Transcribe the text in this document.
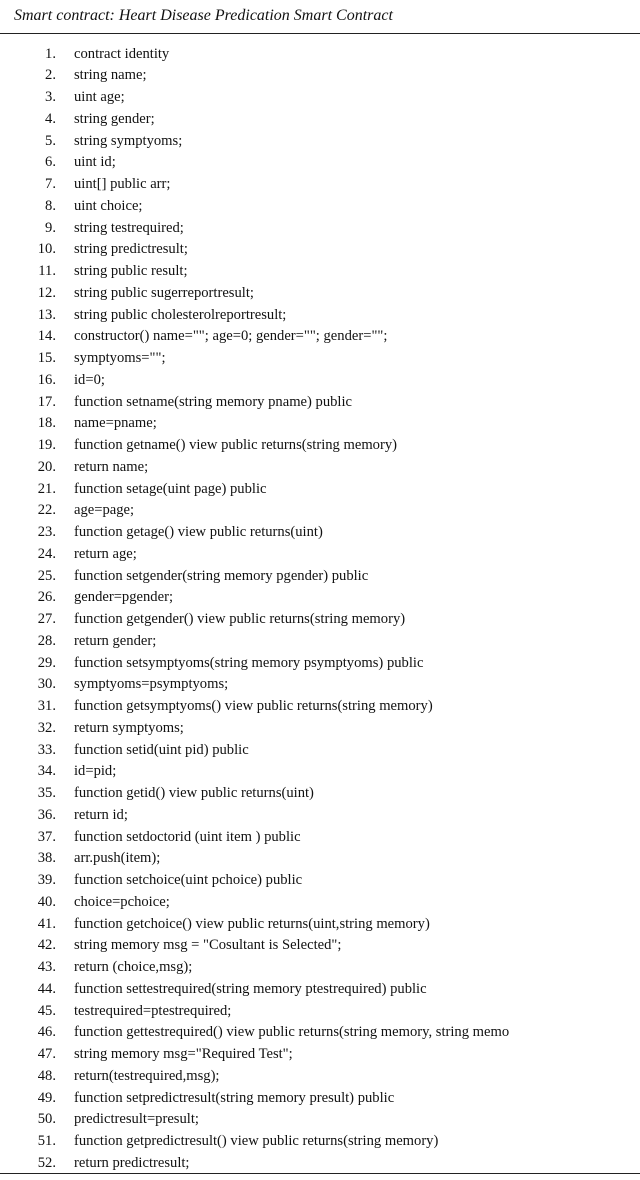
Smart contract: Heart Disease Predication Smart Contract
1. contract identity
2. string name;
3. uint age;
4. string gender;
5. string symptyoms;
6. uint id;
7. uint[] public arr;
8. uint choice;
9. string testrequired;
10. string predictresult;
11. string public result;
12. string public sugerreportresult;
13. string public cholesterolreportresult;
14. constructor() name=""; age=0; gender=""; gender="";
15. symptyoms="";
16. id=0;
17. function setname(string memory pname) public
18. name=pname;
19. function getname() view public returns(string memory)
20. return name;
21. function setage(uint page) public
22. age=page;
23. function getage() view public returns(uint)
24. return age;
25. function setgender(string memory pgender) public
26. gender=pgender;
27. function getgender() view public returns(string memory)
28. return gender;
29. function setsymptyoms(string memory psymptyoms) public
30. symptyoms=psymptyoms;
31. function getsymptyoms() view public returns(string memory)
32. return symptyoms;
33. function setid(uint pid) public
34. id=pid;
35. function getid() view public returns(uint)
36. return id;
37. function setdoctorid (uint item ) public
38. arr.push(item);
39. function setchoice(uint pchoice) public
40. choice=pchoice;
41. function getchoice() view public returns(uint,string memory)
42. string memory msg = "Cosultant is Selected";
43. return (choice,msg);
44. function settestrequired(string memory ptestrequired) public
45. testrequired=ptestrequired;
46. function gettestrequired() view public returns(string memory, string memo
47. string memory msg="Required Test";
48. return(testrequired,msg);
49. function setpredictresult(string memory presult) public
50. predictresult=presult;
51. function getpredictresult() view public returns(string memory)
52. return predictresult;
